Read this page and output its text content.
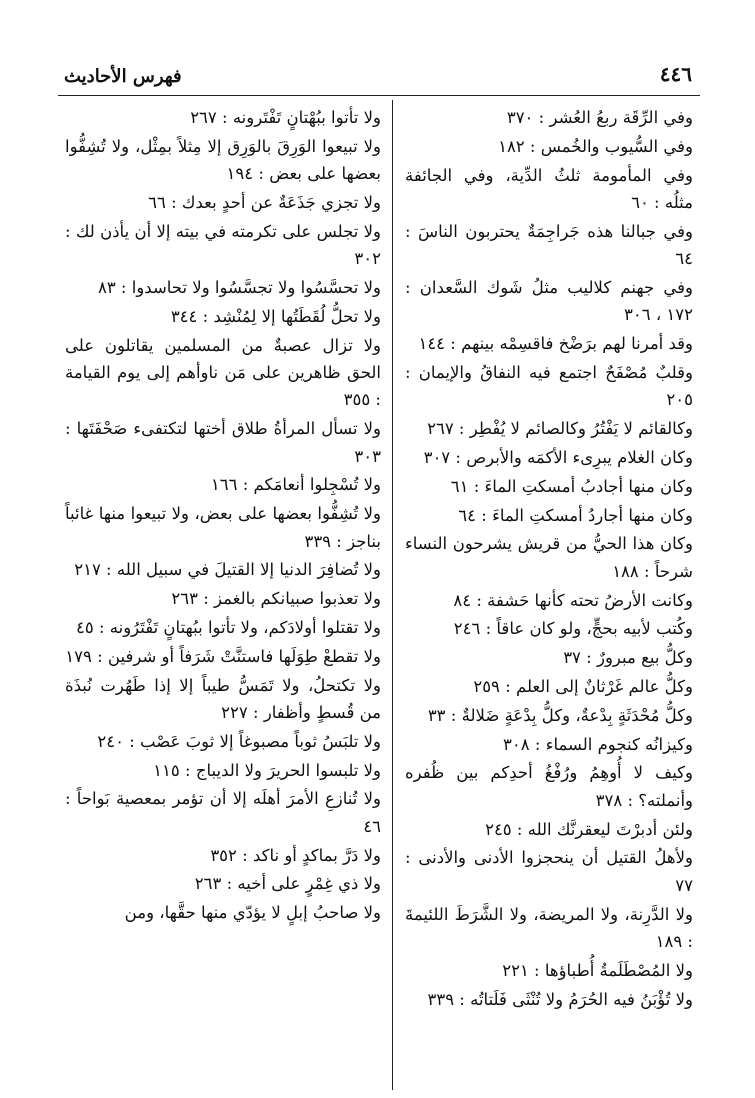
٤٤٦
فهرس الأحاديث
وفي الرِّقَة ربعُ العُشر : ٣٧٠
وفي السُّيوب والخُمس : ١٨٢
وفي المأمومة ثلثُ الدِّية، وفي الجائفة مثلُه : ٦٠
وفي جبالنا هذه جَراجِمَةٌ يحتربون الناسَ : ٦٤
وفي جهنم كلاليب مثلُ شَوك السَّعدان : ١٧٢ ، ٣٠٦
وقد أمرنا لهم برَضْخ فاقسِمْه بينهم : ١٤٤
وقلبٌ مُصْفَحٌ اجتمع فيه النفاقُ والإيمان : ٢٠٥
وكالقائم لا يَفْتُرُ وكالصائم لا يُفْطِر : ٢٦٧
وكان الغلام يبرِىء الأكمَه والأبرص : ٣٠٧
وكان منها أجادبُ أمسكتِ الماءَ : ٦١
وكان منها أجاردُ أمسكتِ الماءَ : ٦٤
وكان هذا الحيُّ من قريش يشرحون النساء شرحاً : ١٨٨
وكانت الأرضُ تحته كأنها حَشفة : ٨٤
وكُتب لأبيه بحجٍّ، ولو كان عاقاً : ٢٤٦
وكلُّ بيع مبرورٌ : ٣٧
وكلُّ عالم غَرْثانٌ إلى العلم : ٢٥٩
وكلُّ مُحْدَثَةٍ بِدْعةٌ، وكلُّ بِدْعَةٍ ضَلالةٌ : ٣٣
وكيزانُه كنجوم السماء : ٣٠٨
وكيف لا أُوهِمُ ورُفْغُ أحدِكم بين ظُفره وأنملته؟ : ٣٧٨
ولئن أدبرْتَ ليعقرنَّك الله : ٢٤٥
ولأهلُ القتيل أن ينحجزوا الأدنى والأدنى : ٧٧
ولا الدَّرِنة، ولا المريضة، ولا الشَّرَطَ اللئيمةَ : ١٨٩
ولا المُصْطَلَمةُ أُطباؤها : ٢٢١
ولا تُؤْبَنُ فيه الحُرَمُ ولا تُنْثَى فَلَتاتُه : ٣٣٩
ولا تأتوا ببُهْتانٍ تَفْتَرونه : ٢٦٧
ولا تبيعوا الوَرِقَ بالوَرِق إلا مِثلاً بمِثْل، ولا تُشِفُّوا بعضها على بعض : ١٩٤
ولا تجزي جَذَعَةٌ عن أحدٍ بعدك : ٦٦
ولا تجلس على تكرمته في بيته إلا أن يأذن لك : ٣٠٢
ولا تحسَّسُوا ولا تجسَّسُوا ولا تحاسدوا : ٨٣
ولا تحلُّ لُقَطَتُها إلا لِمُنْشِد : ٣٤٤
ولا تزال عصبةٌ من المسلمين يقاتلون على الحق ظاهرين على مَن ناوأهم إلى يوم القيامة : ٣٥٥
ولا تسأل المرأةُ طلاق أختها لتكتفىء صَحْفَتَها : ٣٠٣
ولا تُسْجِلوا أنعامَكم : ١٦٦
ولا تُشِفُّوا بعضها على بعض، ولا تبيعوا منها غائباً بناجز : ٣٣٩
ولا تُضافِرَ الدنيا إلا القتيلَ في سبيل الله : ٢١٧
ولا تعذبوا صبيانكم بالغمز : ٢٦٣
ولا تقتلوا أولادَكم، ولا تأتوا ببُهتانٍ تَفْتَرُونه : ٤٥
ولا تقطعْ طِوَلَها فاستنَّتْ شَرَفاً أو شرفين : ١٧٩
ولا تكتحلُ، ولا تَمَسُّ طيباً إلا إذا طَهُرت نُبذَة من قُسطٍ وأظفار : ٢٢٧
ولا تلبَسُ ثوباً مصبوغاً إلا ثوبَ عَصْب : ٢٤٠
ولا تلبسوا الحريرَ ولا الديباج : ١١٥
ولا تُنازعِ الأمرَ أهلَه إلا أن تؤمر بمعصية بَواحاً : ٤٦
ولا دَرَّ بماكدٍ أو ناكد : ٣٥٢
ولا ذي غِمْرٍ على أخيه : ٢٦٣
ولا صاحبُ إبلٍ لا يؤدّي منها حقَّها، ومن
